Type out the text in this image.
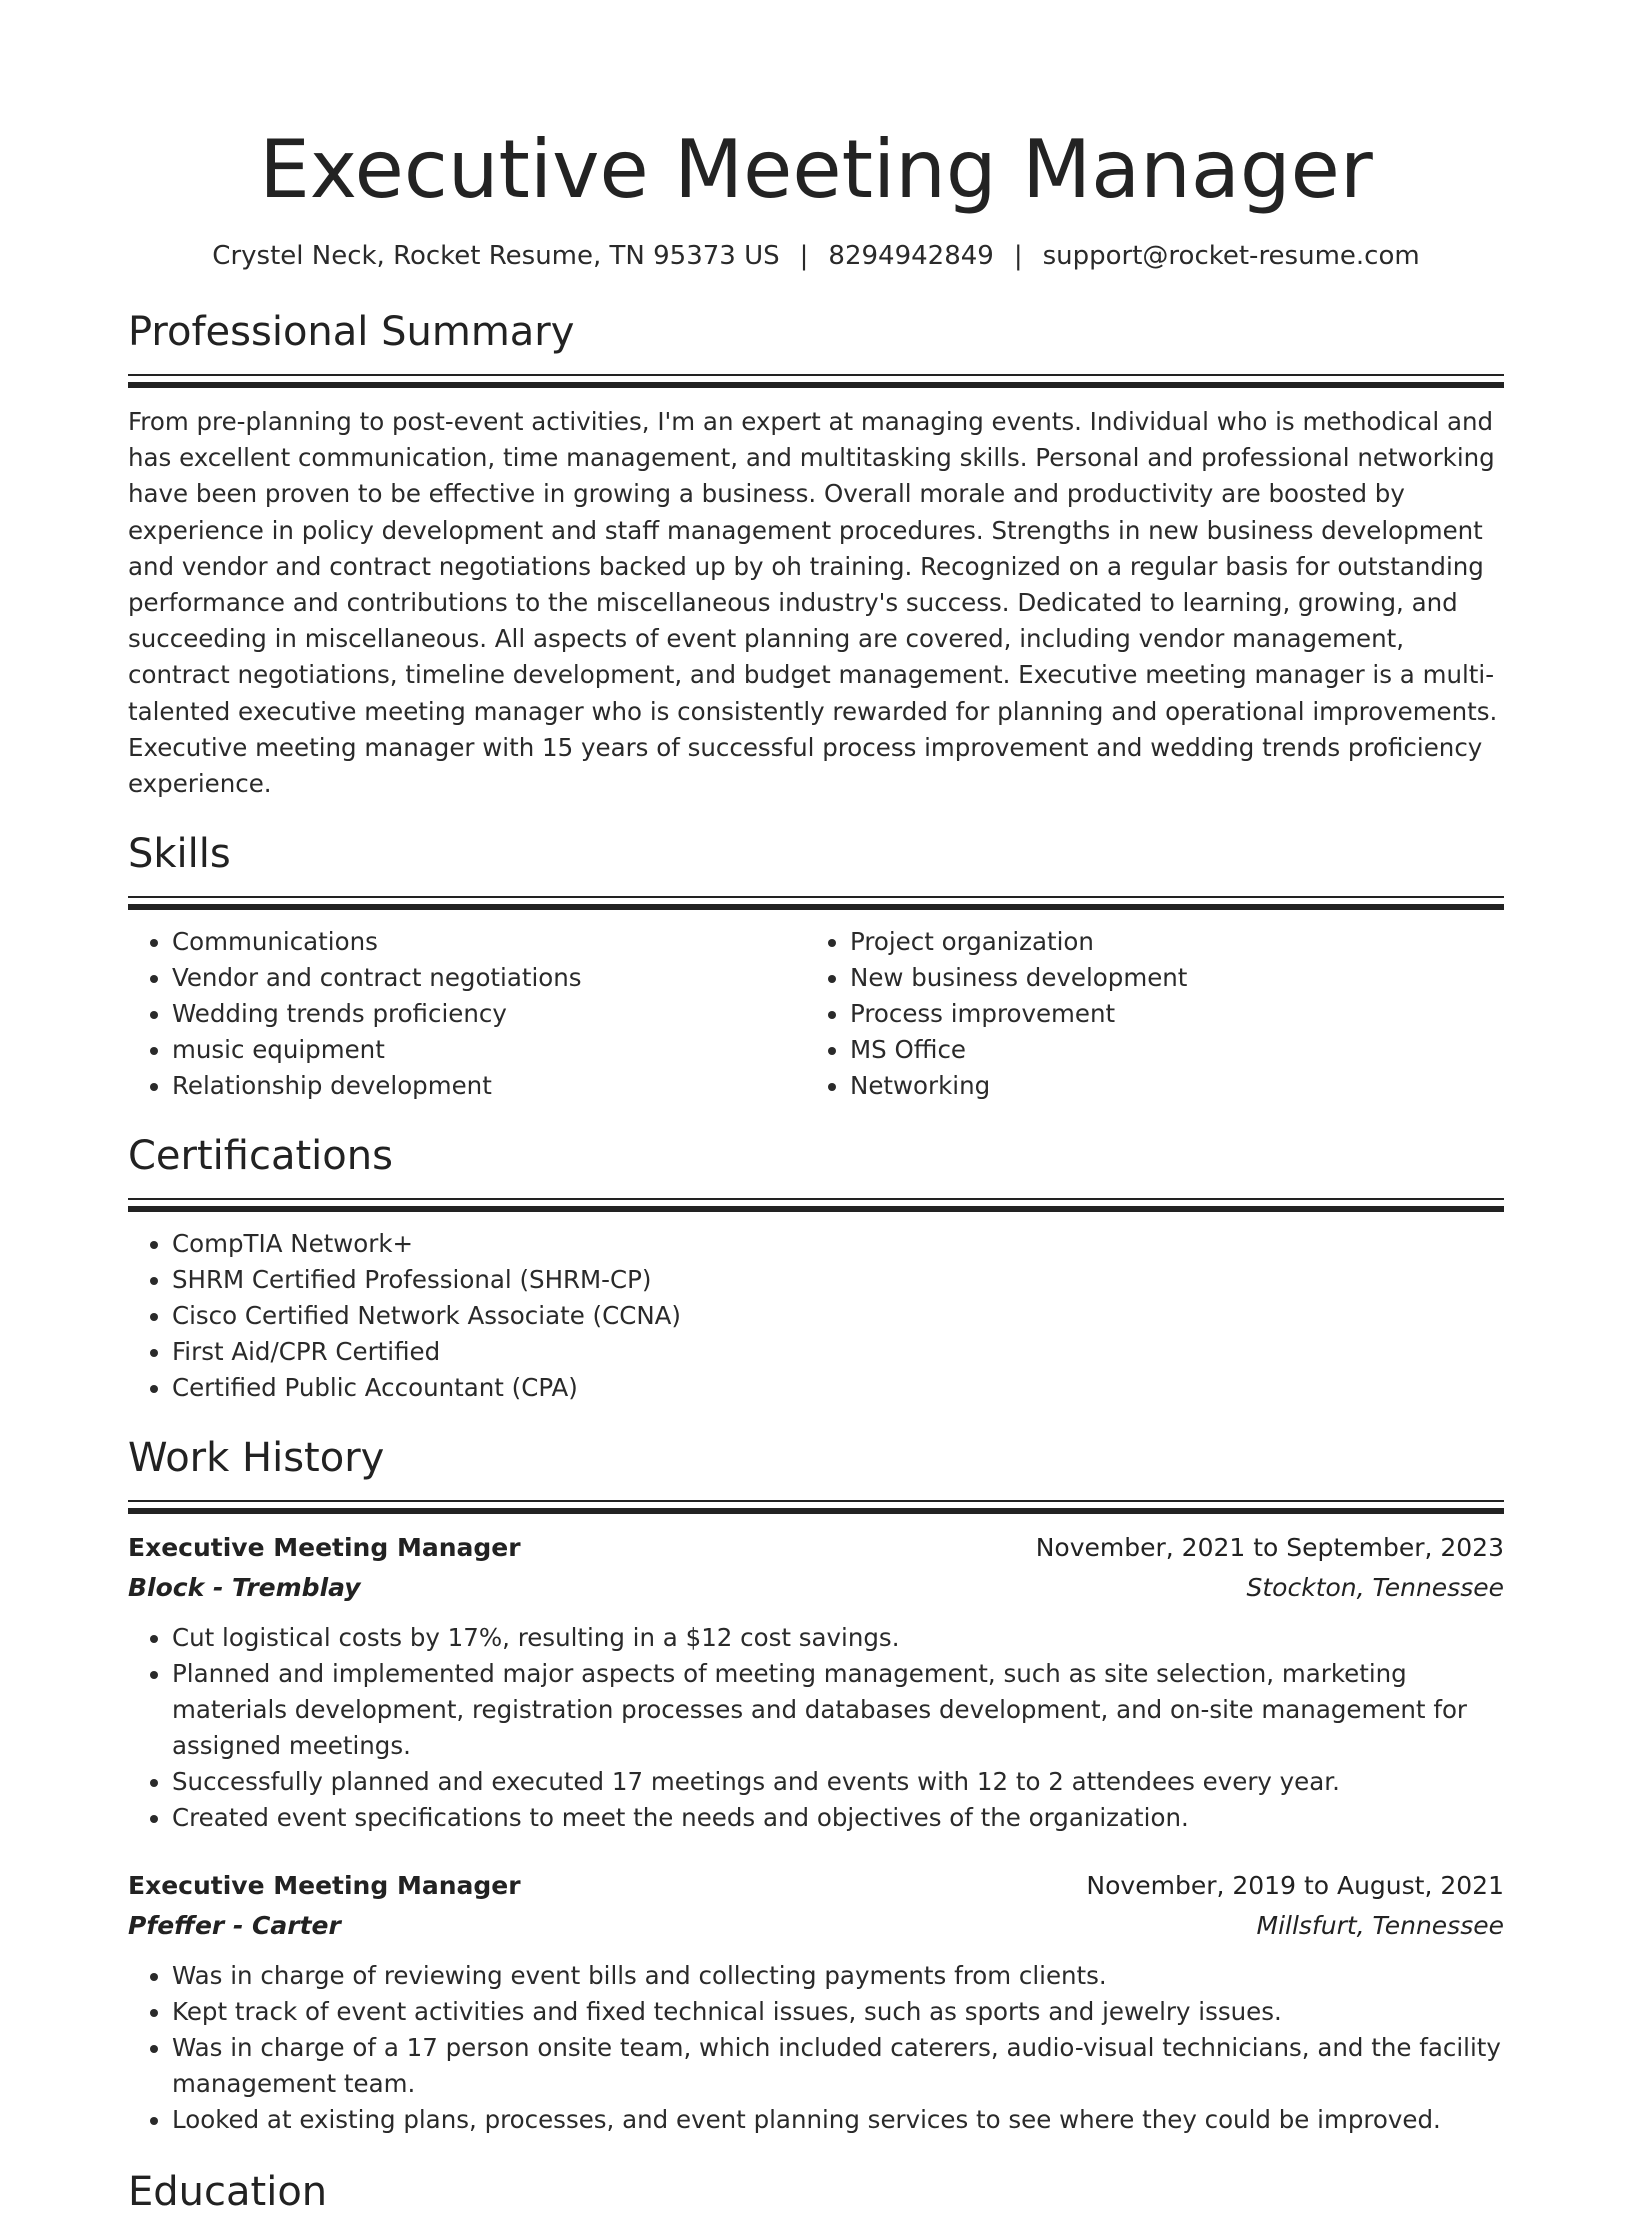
Executive Meeting Manager
Crystel Neck, Rocket Resume, TN 95373 US | 8294942849 | support@rocket-resume.com
Professional Summary
From pre-planning to post-event activities, I'm an expert at managing events. Individual who is methodical and has excellent communication, time management, and multitasking skills. Personal and professional networking have been proven to be effective in growing a business. Overall morale and productivity are boosted by experience in policy development and staff management procedures. Strengths in new business development and vendor and contract negotiations backed up by oh training. Recognized on a regular basis for outstanding performance and contributions to the miscellaneous industry's success. Dedicated to learning, growing, and succeeding in miscellaneous. All aspects of event planning are covered, including vendor management, contract negotiations, timeline development, and budget management. Executive meeting manager is a multi-talented executive meeting manager who is consistently rewarded for planning and operational improvements. Executive meeting manager with 15 years of successful process improvement and wedding trends proficiency experience.
Skills
• Communications
• Vendor and contract negotiations
• Wedding trends proficiency
• music equipment
• Relationship development
• Project organization
• New business development
• Process improvement
• MS Office
• Networking
Certifications
• CompTIA Network+
• SHRM Certified Professional (SHRM-CP)
• Cisco Certified Network Associate (CCNA)
• First Aid/CPR Certified
• Certified Public Accountant (CPA)
Work History
Executive Meeting Manager	November, 2021 to September, 2023
Block - Tremblay	Stockton, Tennessee
• Cut logistical costs by 17%, resulting in a $12 cost savings.
• Planned and implemented major aspects of meeting management, such as site selection, marketing materials development, registration processes and databases development, and on-site management for assigned meetings.
• Successfully planned and executed 17 meetings and events with 12 to 2 attendees every year.
• Created event specifications to meet the needs and objectives of the organization.
Executive Meeting Manager	November, 2019 to August, 2021
Pfeffer - Carter	Millsfurt, Tennessee
• Was in charge of reviewing event bills and collecting payments from clients.
• Kept track of event activities and fixed technical issues, such as sports and jewelry issues.
• Was in charge of a 17 person onsite team, which included caterers, audio-visual technicians, and the facility management team.
• Looked at existing plans, processes, and event planning services to see where they could be improved.
Education
